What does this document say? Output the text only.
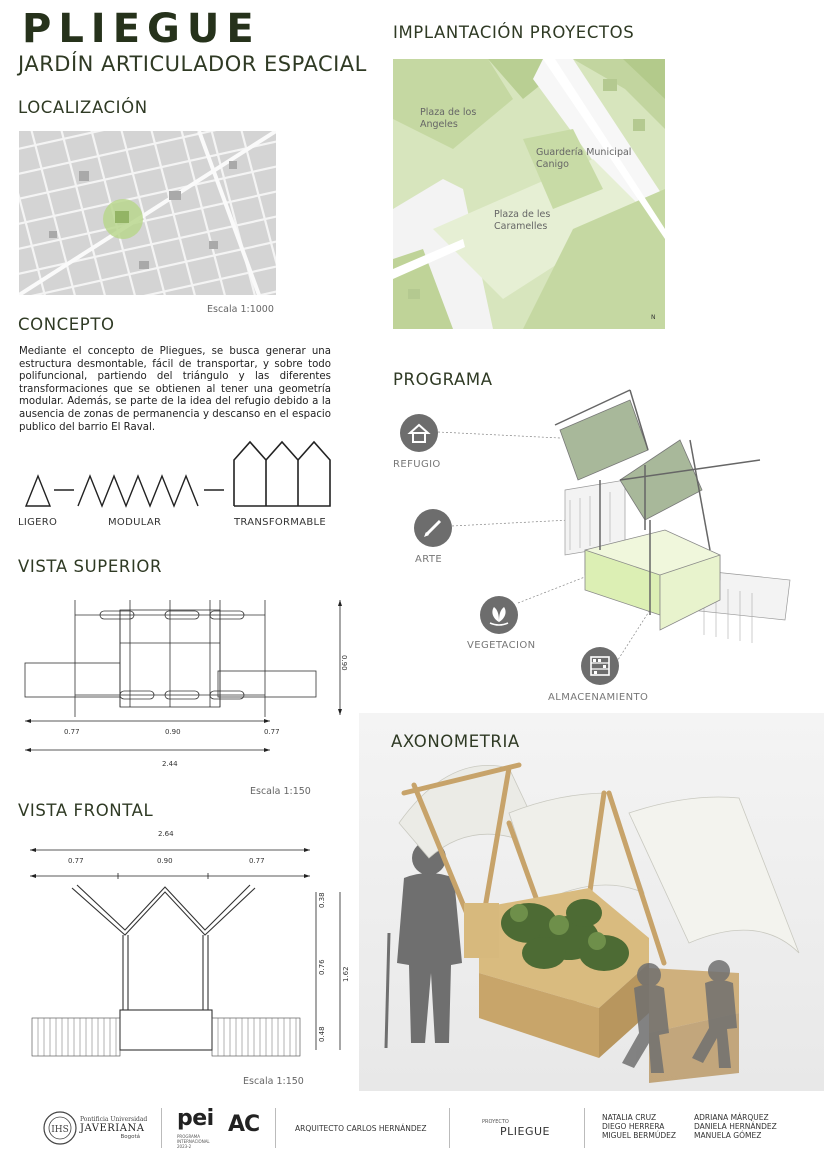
PLIEGUE
JARDÍN ARTICULADOR ESPACIAL
LOCALIZACIÓN
Escala 1:1000
IMPLANTACIÓN PROYECTOS
Plaza de los Angeles
Guardería Municipal Canigo
Plaza de les Caramelles
N
CONCEPTO
Mediante el concepto de Pliegues, se busca generar una estructura desmontable, fácil de transportar, y sobre todo polifuncional, partiendo del triángulo y las diferentes transformaciones que se obtienen al tener una geometría modular. Además, se parte de la idea del refugio debido a la ausencia de zonas de permanencia y descanso en el espacio publico del barrio El Raval.
LIGERO	MODULAR	TRANSFORMABLE
PROGRAMA
REFUGIO
ARTE
VEGETACION
ALMACENAMIENTO
VISTA SUPERIOR
0.77	0.90	0.77
2.44
0.90
Escala 1:150
VISTA FRONTAL
2.64
0.77	0.90	0.77
0.38
0.76 1.62
0.48
Escala 1:150
AXONOMETRIA
IHS
Pontificia Universidad
JAVERIANA
Bogotá
pei
PROGRAMA INTERNACIONAL 2023-2
AC	ARQUITECTO CARLOS HERNÁNDEZ
PROYECTO
PLIEGUE
NATALIA CRUZ
DIEGO HERRERA
MIGUEL BERMÚDEZ
ADRIANA MÁRQUEZ
DANIELA HERNÁNDEZ
MANUELA GÓMEZ
